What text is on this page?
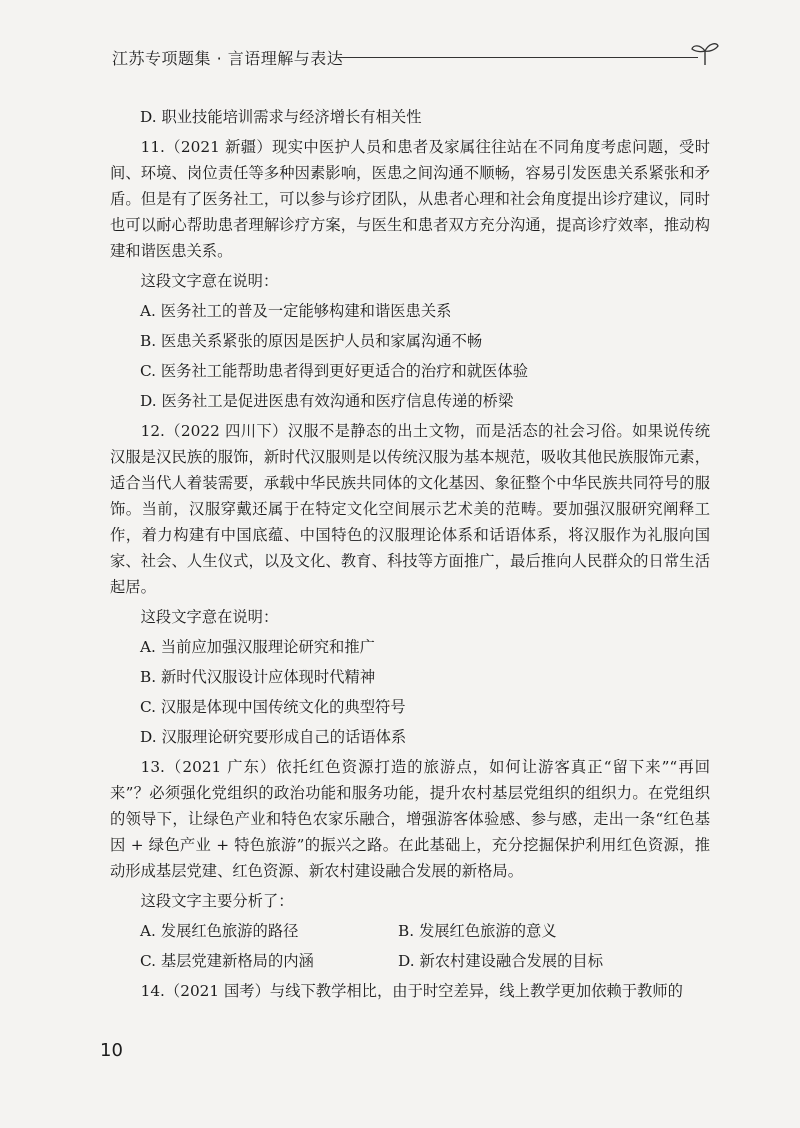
江苏专项题集 · 言语理解与表达

D. 职业技能培训需求与经济增长有相关性

11.（2021 新疆）现实中医护人员和患者及家属往往站在不同角度考虑问题，受时间、环境、岗位责任等多种因素影响，医患之间沟通不顺畅，容易引发医患关系紧张和矛盾。但是有了医务社工，可以参与诊疗团队，从患者心理和社会角度提出诊疗建议，同时也可以耐心帮助患者理解诊疗方案，与医生和患者双方充分沟通，提高诊疗效率，推动构建和谐医患关系。

这段文字意在说明：

A. 医务社工的普及一定能够构建和谐医患关系

B. 医患关系紧张的原因是医护人员和家属沟通不畅

C. 医务社工能帮助患者得到更好更适合的治疗和就医体验

D. 医务社工是促进医患有效沟通和医疗信息传递的桥梁

12.（2022 四川下）汉服不是静态的出土文物，而是活态的社会习俗。如果说传统汉服是汉民族的服饰，新时代汉服则是以传统汉服为基本规范，吸收其他民族服饰元素，适合当代人着装需要，承载中华民族共同体的文化基因、象征整个中华民族共同符号的服饰。当前，汉服穿戴还属于在特定文化空间展示艺术美的范畴。要加强汉服研究阐释工作，着力构建有中国底蕴、中国特色的汉服理论体系和话语体系，将汉服作为礼服向国家、社会、人生仪式，以及文化、教育、科技等方面推广，最后推向人民群众的日常生活起居。

这段文字意在说明：

A. 当前应加强汉服理论研究和推广

B. 新时代汉服设计应体现时代精神

C. 汉服是体现中国传统文化的典型符号

D. 汉服理论研究要形成自己的话语体系

13.（2021 广东）依托红色资源打造的旅游点，如何让游客真正“留下来”“再回来”？必须强化党组织的政治功能和服务功能，提升农村基层党组织的组织力。在党组织的领导下，让绿色产业和特色农家乐融合，增强游客体验感、参与感，走出一条“红色基因 + 绿色产业 + 特色旅游”的振兴之路。在此基础上，充分挖掘保护利用红色资源，推动形成基层党建、红色资源、新农村建设融合发展的新格局。

这段文字主要分析了：

A. 发展红色旅游的路径	B. 发展红色旅游的意义

C. 基层党建新格局的内涵	D. 新农村建设融合发展的目标

14.（2021 国考）与线下教学相比，由于时空差异，线上教学更加依赖于教师的

10
